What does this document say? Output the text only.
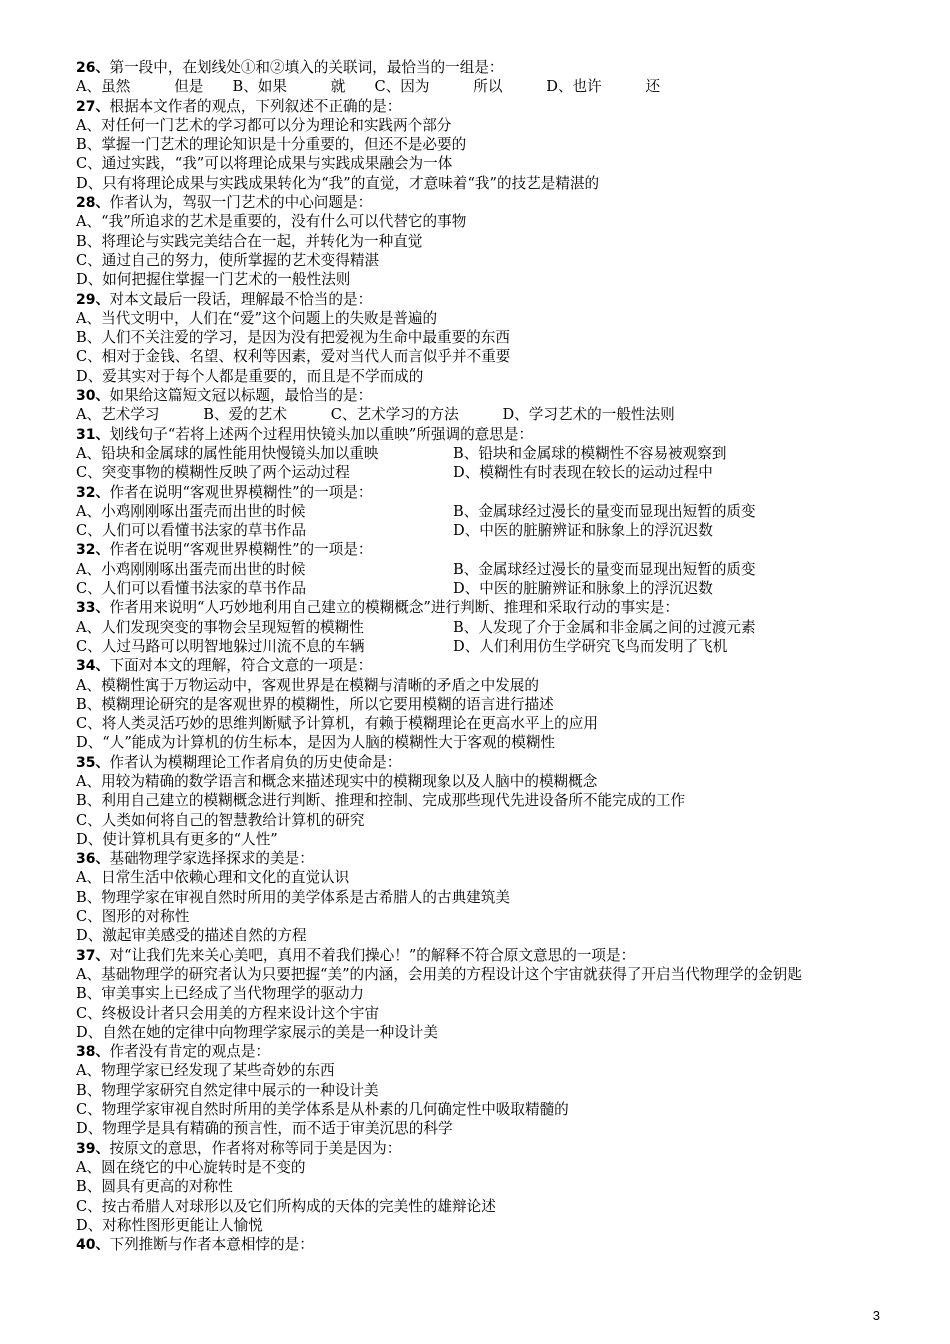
26、第一段中，在划线处①和②填入的关联词，最恰当的一组是：
A、虽然　　　但是　　B、如果　　　就　　C、因为　　　所以　　　D、也许　　　还
27、根据本文作者的观点，下列叙述不正确的是：
A、对任何一门艺术的学习都可以分为理论和实践两个部分
B、掌握一门艺术的理论知识是十分重要的，但还不是必要的
C、通过实践，“我”可以将理论成果与实践成果融会为一体
D、只有将理论成果与实践成果转化为“我”的直觉，才意味着“我”的技艺是精湛的
28、作者认为，驾驭一门艺术的中心问题是：
A、“我”所追求的艺术是重要的，没有什么可以代替它的事物
B、将理论与实践完美结合在一起，并转化为一种直觉
C、通过自己的努力，使所掌握的艺术变得精湛
D、如何把握住掌握一门艺术的一般性法则
29、对本文最后一段话，理解最不恰当的是：
A、当代文明中，人们在“爱”这个问题上的失败是普遍的
B、人们不关注爱的学习，是因为没有把爱视为生命中最重要的东西
C、相对于金钱、名望、权利等因素，爱对当代人而言似乎并不重要
D、爱其实对于每个人都是重要的，而且是不学而成的
30、如果给这篇短文冠以标题，最恰当的是：
A、艺术学习　　　B、爱的艺术　　　C、艺术学习的方法　　　D、学习艺术的一般性法则
31、划线句子“若将上述两个过程用快镜头加以重映”所强调的意思是：
A、铅块和金属球的属性能用快慢镜头加以重映	B、铅块和金属球的模糊性不容易被观察到
C、突变事物的模糊性反映了两个运动过程	D、模糊性有时表现在较长的运动过程中
32、作者在说明“客观世界模糊性”的一项是：
A、小鸡刚刚啄出蛋壳而出世的时候	B、金属球经过漫长的量变而显现出短暂的质变
C、人们可以看懂书法家的草书作品	D、中医的脏腑辨证和脉象上的浮沉迟数
32、作者在说明“客观世界模糊性”的一项是：
A、小鸡刚刚啄出蛋壳而出世的时候	B、金属球经过漫长的量变而显现出短暂的质变
C、人们可以看懂书法家的草书作品	D、中医的脏腑辨证和脉象上的浮沉迟数
33、作者用来说明“人巧妙地利用自己建立的模糊概念”进行判断、推理和采取行动的事实是：
A、人们发现突变的事物会呈现短暂的模糊性	B、人发现了介于金属和非金属之间的过渡元素
C、人过马路可以明智地躲过川流不息的车辆	D、人们利用仿生学研究飞鸟而发明了飞机
34、下面对本文的理解，符合文意的一项是：
A、模糊性寓于万物运动中，客观世界是在模糊与清晰的矛盾之中发展的
B、模糊理论研究的是客观世界的模糊性，所以它要用模糊的语言进行描述
C、将人类灵活巧妙的思维判断赋予计算机，有赖于模糊理论在更高水平上的应用
D、“人”能成为计算机的仿生标本，是因为人脑的模糊性大于客观的模糊性
35、作者认为模糊理论工作者肩负的历史使命是：
A、用较为精确的数学语言和概念来描述现实中的模糊现象以及人脑中的模糊概念
B、利用自己建立的模糊概念进行判断、推理和控制、完成那些现代先进设备所不能完成的工作
C、人类如何将自己的智慧教给计算机的研究
D、使计算机具有更多的“人性”
36、基础物理学家选择探求的美是：
A、日常生活中依赖心理和文化的直觉认识
B、物理学家在审视自然时所用的美学体系是古希腊人的古典建筑美
C、图形的对称性
D、激起审美感受的描述自然的方程
37、对“让我们先来关心美吧，真用不着我们操心！”的解释不符合原文意思的一项是：
A、基础物理学的研究者认为只要把握“美”的内涵，会用美的方程设计这个宇宙就获得了开启当代物理学的金钥匙
B、审美事实上已经成了当代物理学的驱动力
C、终极设计者只会用美的方程来设计这个宇宙
D、自然在她的定律中向物理学家展示的美是一种设计美
38、作者没有肯定的观点是：
A、物理学家已经发现了某些奇妙的东西
B、物理学家研究自然定律中展示的一种设计美
C、物理学家审视自然时所用的美学体系是从朴素的几何确定性中吸取精髓的
D、物理学是具有精确的预言性，而不适于审美沉思的科学
39、按原文的意思，作者将对称等同于美是因为：
A、圆在绕它的中心旋转时是不变的
B、圆具有更高的对称性
C、按古希腊人对球形以及它们所构成的天体的完美性的雄辩论述
D、对称性图形更能让人愉悦
40、下列推断与作者本意相悖的是：
3
